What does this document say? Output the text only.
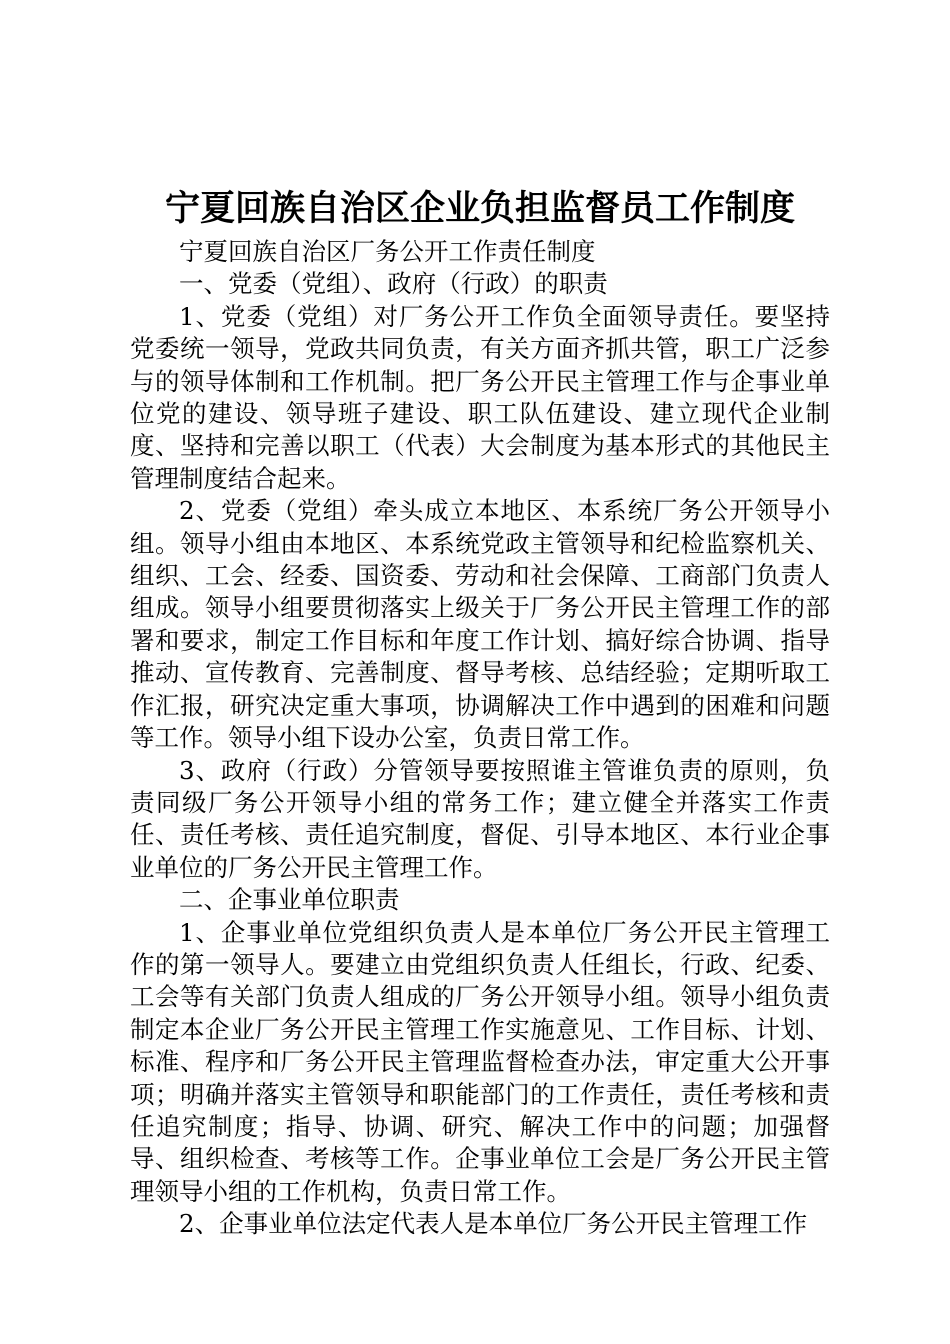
宁夏回族自治区企业负担监督员工作制度

宁夏回族自治区厂务公开工作责任制度

一、党委（党组）、政府（行政）的职责

1、党委（党组）对厂务公开工作负全面领导责任。要坚持党委统一领导，党政共同负责，有关方面齐抓共管，职工广泛参与的领导体制和工作机制。把厂务公开民主管理工作与企事业单位党的建设、领导班子建设、职工队伍建设、建立现代企业制度、坚持和完善以职工（代表）大会制度为基本形式的其他民主管理制度结合起来。

2、党委（党组）牵头成立本地区、本系统厂务公开领导小组。领导小组由本地区、本系统党政主管领导和纪检监察机关、组织、工会、经委、国资委、劳动和社会保障、工商部门负责人组成。领导小组要贯彻落实上级关于厂务公开民主管理工作的部署和要求，制定工作目标和年度工作计划、搞好综合协调、指导推动、宣传教育、完善制度、督导考核、总结经验；定期听取工作汇报，研究决定重大事项，协调解决工作中遇到的困难和问题等工作。领导小组下设办公室，负责日常工作。

3、政府（行政）分管领导要按照谁主管谁负责的原则，负责同级厂务公开领导小组的常务工作；建立健全并落实工作责任、责任考核、责任追究制度，督促、引导本地区、本行业企事业单位的厂务公开民主管理工作。

二、企事业单位职责

1、企事业单位党组织负责人是本单位厂务公开民主管理工作的第一领导人。要建立由党组织负责人任组长，行政、纪委、工会等有关部门负责人组成的厂务公开领导小组。领导小组负责制定本企业厂务公开民主管理工作实施意见、工作目标、计划、标准、程序和厂务公开民主管理监督检查办法，审定重大公开事项；明确并落实主管领导和职能部门的工作责任，责任考核和责任追究制度；指导、协调、研究、解决工作中的问题；加强督导、组织检查、考核等工作。企事业单位工会是厂务公开民主管理领导小组的工作机构，负责日常工作。

2、企事业单位法定代表人是本单位厂务公开民主管理工作
